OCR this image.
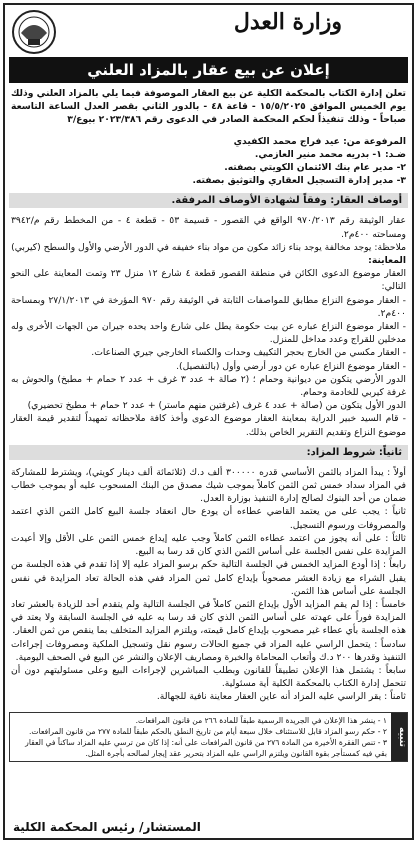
وزارة العدل
إعلان عن بيع عقار بالمزاد العلني
تعلن إدارة الكتاب بالمحكمة الكلية عن بيع العقار الموصوفة فيما يلي بالمزاد العلني وذلك يوم الخميس الموافق ١٥/٥/٢٠٢٥ - قاعة ٤٨ - بالدور الثاني بقصر العدل الساعة التاسعة صباحاً - وذلك تنفيذاً لحكم المحكمة الصادر في الدعوى رقم ٢٠٢٣/٣٨٦ بيوع/٣
المرفوعة من: عيد فراج محمد الكفيدي
ضـد: ١- بدريه محمد منير العازمي.
٢- مدير عام بنك الائتمان الكويتي بصفته.
٣- مدير إدارة التسجيل العقاري والتوثيق بصفته.
أوصاف العقار: وفقاً لشهادة الأوصاف المرفقة.
عقار الوثيقة رقم ٩٧٠/٢٠١٣ الواقع في القصور - قسيمة ٥٣ - قطعة ٤ - من المخطط رقم م/٣٩٤٢ ومساحته ٤٠٠م٢.
ملاحظة: يوجد مخالفة يوجد بناء زائد مكون من مواد بناء خفيفه في الدور الأرضي والأول والسطح (كيربي)
المعاينة:
العقار موضوع الدعوى الكائن في منطقة القصور قطعة ٤ شارع ١٢ منزل ٢٣ وتمت المعاينة على النحو التالي:
- العقار موضوع النزاع مطابق للمواصفات الثابتة في الوثيقة رقم ٩٧٠ المؤرخة في ٢٧/١/٢٠١٣ وبمساحة ٤٠٠م٢.
- العقار موضوع النزاع عباره عن بيت حكومة يطل على شارع واحد يحده جيران من الجهات الأخرى وله مدخلين للقراج وعدد مداخل للمنزل.
- العقار مكسي من الخارج بحجر التكييف وحدات والكساء الخارجي جيري الصناعات.
- العقار موضوع النزاع عباره عن دور أرضي وأول (بالتفصيل).
الدور الأرضي يتكون من ديوانية وحمام ؛ (٢ صالة + عدد ٣ غرف + عدد ٢ حمام + مطبخ) والحوش به غرفة كيربي للخادمة وحمام.
الدور الأول يتكون من (صالة + عدد ٤ غرف (غرفتين منهم ماستر) + عدد ٢ حمام + مطبخ تحضيري)
- قام السيد خبير الدراية بمعاينة العقار موضوع الدعوى وأخذ كافة ملاحظاته تمهيداً لتقدير قيمة العقار موضوع النزاع وتقديم التقرير الخاص بذلك.
ثانياً: شروط المزاد:
أولاً : يبدأ المزاد بالثمن الأساسي قدره ٣٠٠٠٠٠ ألف د.ك (ثلاثمائة ألف دينار كويتي)، ويشترط للمشاركة في المزاد سداد خمس ثمن الثمن كاملاً بموجب شيك مصدق من البنك المسحوب عليه أو بموجب خطاب ضمان من أحد البنوك لصالح إدارة التنفيذ بوزارة العدل.
ثانياً : يجب على من يعتمد القاضي عطاءه أن يودع حال انعقاد جلسة البيع كامل الثمن الذي اعتمد والمصروفات ورسوم التسجيل.
ثالثاً : على أنه يجوز من اعتمد عطاءه الثمن كاملاً وجب عليه إيداع خمس الثمن على الأقل وإلا أعيدت المزايدة على نفس الجلسة على أساس الثمن الذي كان قد رسا به البيع.
رابعاً : إذا أودع المزايد الخمس في الجلسة التالية حكم برسو المزاد عليه إلا إذا تقدم في هذه الجلسة من يقبل الشراء مع زيادة العشر مصحوباً بإيداع كامل ثمن المزاد ففي هذه الحالة تعاد المزايدة في نفس الجلسة على أساس هذا الثمن.
خامساً : إذا لم يقم المزايد الأول بإيداع الثمن كاملاً في الجلسة التالية ولم يتقدم أحد للزيادة بالعشر تعاد المزايدة فوراً على عهدته على أساس الثمن الذي كان قد رسا به عليه في الجلسة السابقة ولا يعتد في هذه الجلسة بأي عطاء غير مصحوب بإيداع كامل قيمته، ويلتزم المزايد المتخلف بما ينقص من ثمن العقار.
سادساً : يتحمل الراسي عليه المزاد في جميع الحالات رسوم نقل وتسجيل الملكية ومصروفات إجراءات التنفيذ وقدرها ٢٠٠ د.ك وأتعاب المحاماة والخبرة ومصاريف الإعلان والنشر عن البيع في الصحف اليومية.
سابعاً : يشتمل هذا الإعلان تطبيقاً للقانون وبطلب المباشرين لإجراءات البيع وعلى مسئوليتهم دون أن تتحمل إدارة الكتاب بالمحكمة الكلية أية مسئولية.
ثامناً : يقر الراسي عليه المزاد أنه عاين العقار معاينة نافية للجهالة.
تنبيه
١ - ينشر هذا الإعلان في الجريدة الرسمية طبقاً للمادة ٢٦٦ من قانون المرافعات.
٢ - حكم رسو المزاد قابل للاستئناف خلال سبعة أيام من تاريخ النطق بالحكم طبقاً للمادة ٢٧٧ من قانون المرافعات.
٣ - تنص الفقرة الأخيرة من المادة ٢٧٦ من قانون المرافعات على أنه: إذا كان من ترسي عليه المزاد ساكناً في العقار بقي فيه كمستأجر بقوة القانون ويلتزم الراسي عليه المزاد بتحرير عقد إيجار لصالحه بأجرة المثل.
المستشار/ رئيس المحكمة الكلية
